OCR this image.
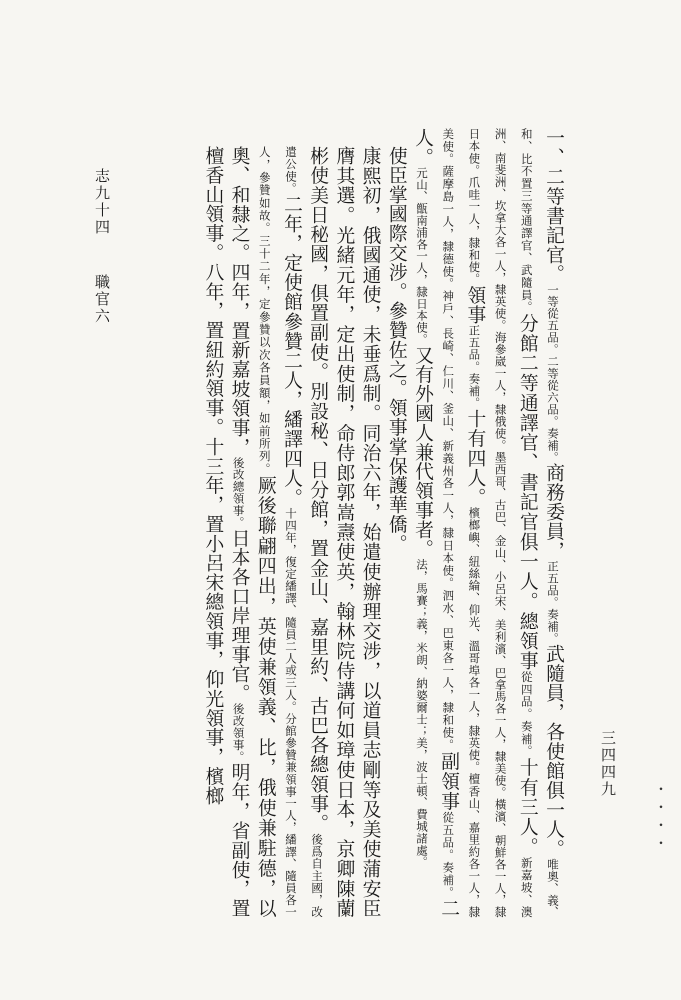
志九十四職官六
三四四九
・・・・

一、二等書記官。一等從五品。二等從六品。奏補。商務委員，正五品。奏補。武隨員，各使館俱一人。唯奧、義、和、比不置三等通譯官、武隨員。分館二等通譯官、書記官俱一人。總領事從四品。奏補。十有三人。新嘉坡、澳洲、南斐洲、坎拿大各一人，隸英使。海參崴一人，隸俄使。墨西哥、古巴、金山、小呂宋、美利濱、巴拿馬各一人，隸美使。橫濱、朝鮮各一人，隸日本使。爪哇一人，隸和使。領事正五品。奏補。十有四人。檳榔嶼、紐絲綸、仰光、溫哥埠各一人，隸英使。檀香山、嘉里約各一人，隸美使。薩摩島一人，隸德使。神戶、長崎、仁川、釜山、新義州各一人，隸日本使。泗水、巴東各一人，隸和使。副領事從五品。奏補。二人。元山、甑南浦各一人，隸日本使。又有外國人兼代領事者。法，馬賽；義，米朗、納婆爾士；美，波士頓、費城諸處。

使臣掌國際交涉。參贊佐之。領事掌保護華僑。

康熙初，俄國通使，未垂爲制。同治六年，始遣使辦理交涉，以道員志剛等及美使蒲安臣膺其選。光緒元年，定出使制，命侍郎郭嵩燾使英，翰林院侍講何如璋使日本，京卿陳蘭彬使美日秘國，俱置副使。別設秘、日分館，置金山、嘉里約、古巴各總領事。後爲自主國，改遣公使。二年，定使館參贊二人，繙譯四人。十四年，復定繙譯、隨員二人或三人。分館參贊兼領事一人，繙譯、隨員各一人，參贊如故。三十二年，定參贊以次各員額，如前所列。厥後聯翩四出，英使兼領義、比，俄使兼駐德，以奧、和隸之。四年，置新嘉坡領事，後改總領事。日本各口岸理事官。後改領事。明年，省副使，置檀香山領事。八年，置紐約領事。十三年，置小呂宋總領事，仰光領事，檳榔
